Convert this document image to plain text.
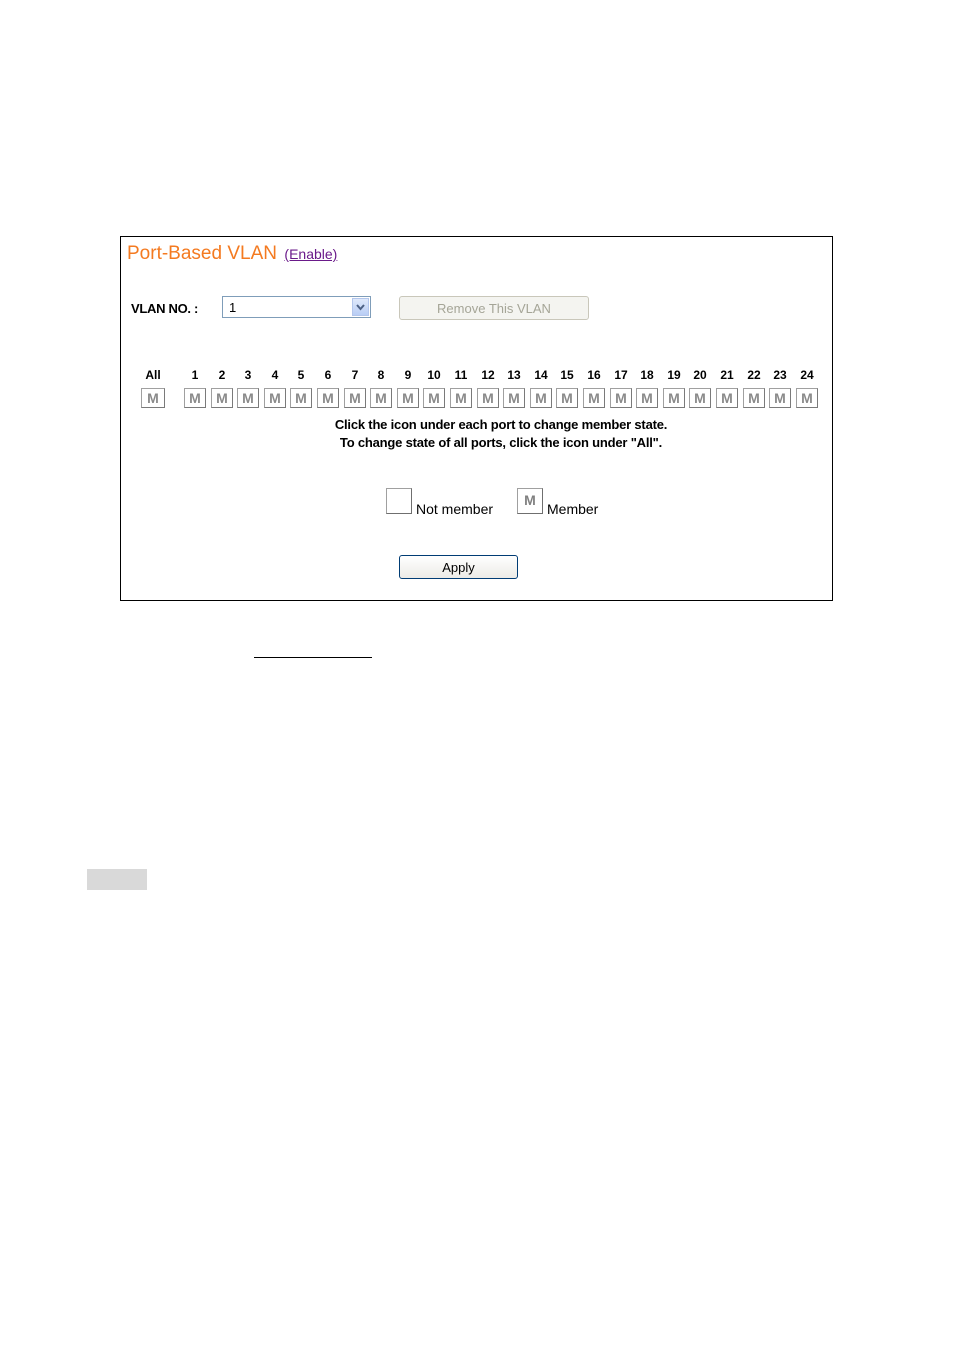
Port-Based VLAN (Enable)
VLAN NO. : 1	Remove This VLAN
All
M
1
M
2
M
3
M
4
M
5
M
6
M
7
M
8
M
9
M
10
M
11
M
12
M
13
M
14
M
15
M
16
M
17
M
18
M
19
M
20
M
21
M
22
M
23
M
24
M
Click the icon under each port to change member state.
To change state of all ports, click the icon under "All".
Not member
M
Member
Apply
